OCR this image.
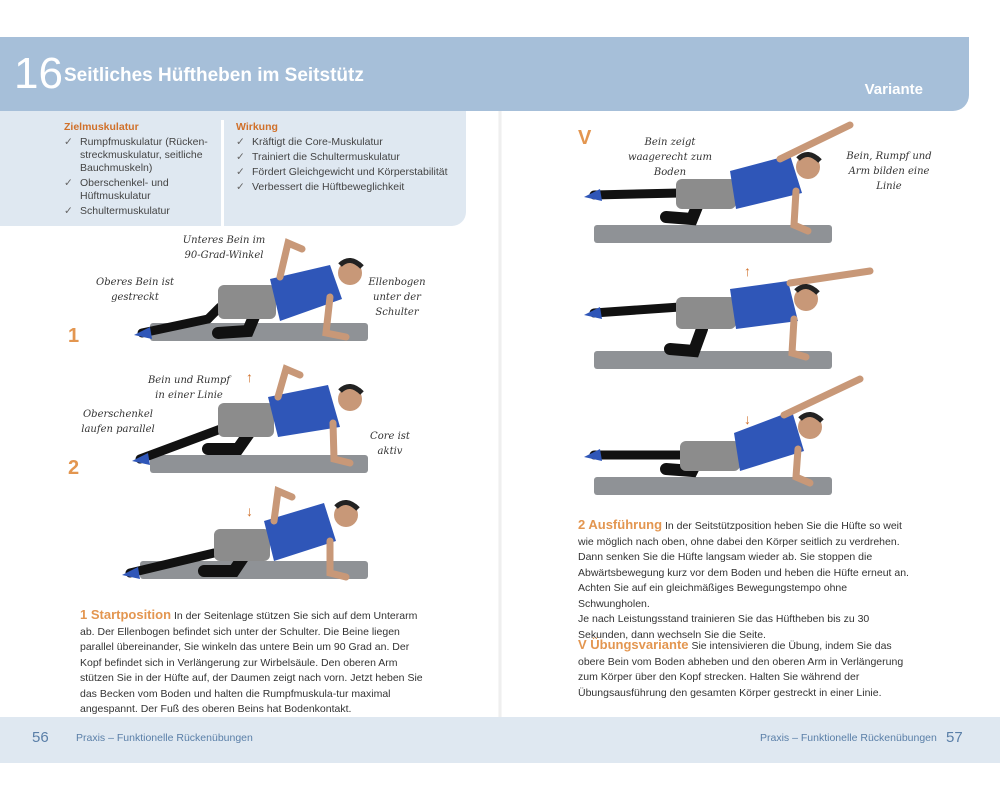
16 Seitliches Hüftheben im Seitstütz
Variante
Zielmuskulatur
✓ Rumpfmuskulatur (Rücken-streckmuskulatur, seitliche Bauchmuskeln)
✓ Oberschenkel- und Hüftmuskulatur
✓ Schultermuskulatur
Wirkung
✓ Kräftigt die Core-Muskulatur
✓ Trainiert die Schultermuskulatur
✓ Fördert Gleichgewicht und Körperstabilität
✓ Verbessert die Hüftbeweglichkeit
1
2
Unteres Bein im 90-Grad-Winkel
Oberes Bein ist gestreckt
Ellenbogen unter der Schulter
Bein und Rumpf in einer Linie
Oberschenkel laufen parallel
Core ist aktiv
↑
↓
V	Bein zeigt waagerecht zum Boden
Bein, Rumpf und Arm bilden eine Linie
↑
↓
1 Startposition In der Seitenlage stützen Sie sich auf dem Unterarm ab. Der Ellenbogen befindet sich unter der Schulter. Die Beine liegen parallel übereinander, Sie winkeln das untere Bein um 90 Grad an. Der Kopf befindet sich in Verlängerung zur Wirbelsäule. Den oberen Arm stützen Sie in der Hüfte auf, der Daumen zeigt nach vorn. Jetzt heben Sie das Becken vom Boden und halten die Rumpfmuskula-tur maximal angespannt. Der Fuß des oberen Beins hat Bodenkontakt.
2 Ausführung In der Seitstützposition heben Sie die Hüfte so weit wie möglich nach oben, ohne dabei den Körper seitlich zu verdrehen. Dann senken Sie die Hüfte langsam wieder ab. Sie stoppen die Abwärtsbewegung kurz vor dem Boden und heben die Hüfte erneut an. Achten Sie auf ein gleichmäßiges Bewegungstempo ohne Schwungholen.
Je nach Leistungsstand trainieren Sie das Hüftheben bis zu 30 Sekunden, dann wechseln Sie die Seite.
V Übungsvariante Sie intensivieren die Übung, indem Sie das obere Bein vom Boden abheben und den oberen Arm in Verlängerung zum Körper über den Kopf strecken. Halten Sie während der Übungsausführung den gesamten Körper gestreckt in einer Linie.
56	Praxis – Funktionelle Rückenübungen	Praxis – Funktionelle Rückenübungen 57
